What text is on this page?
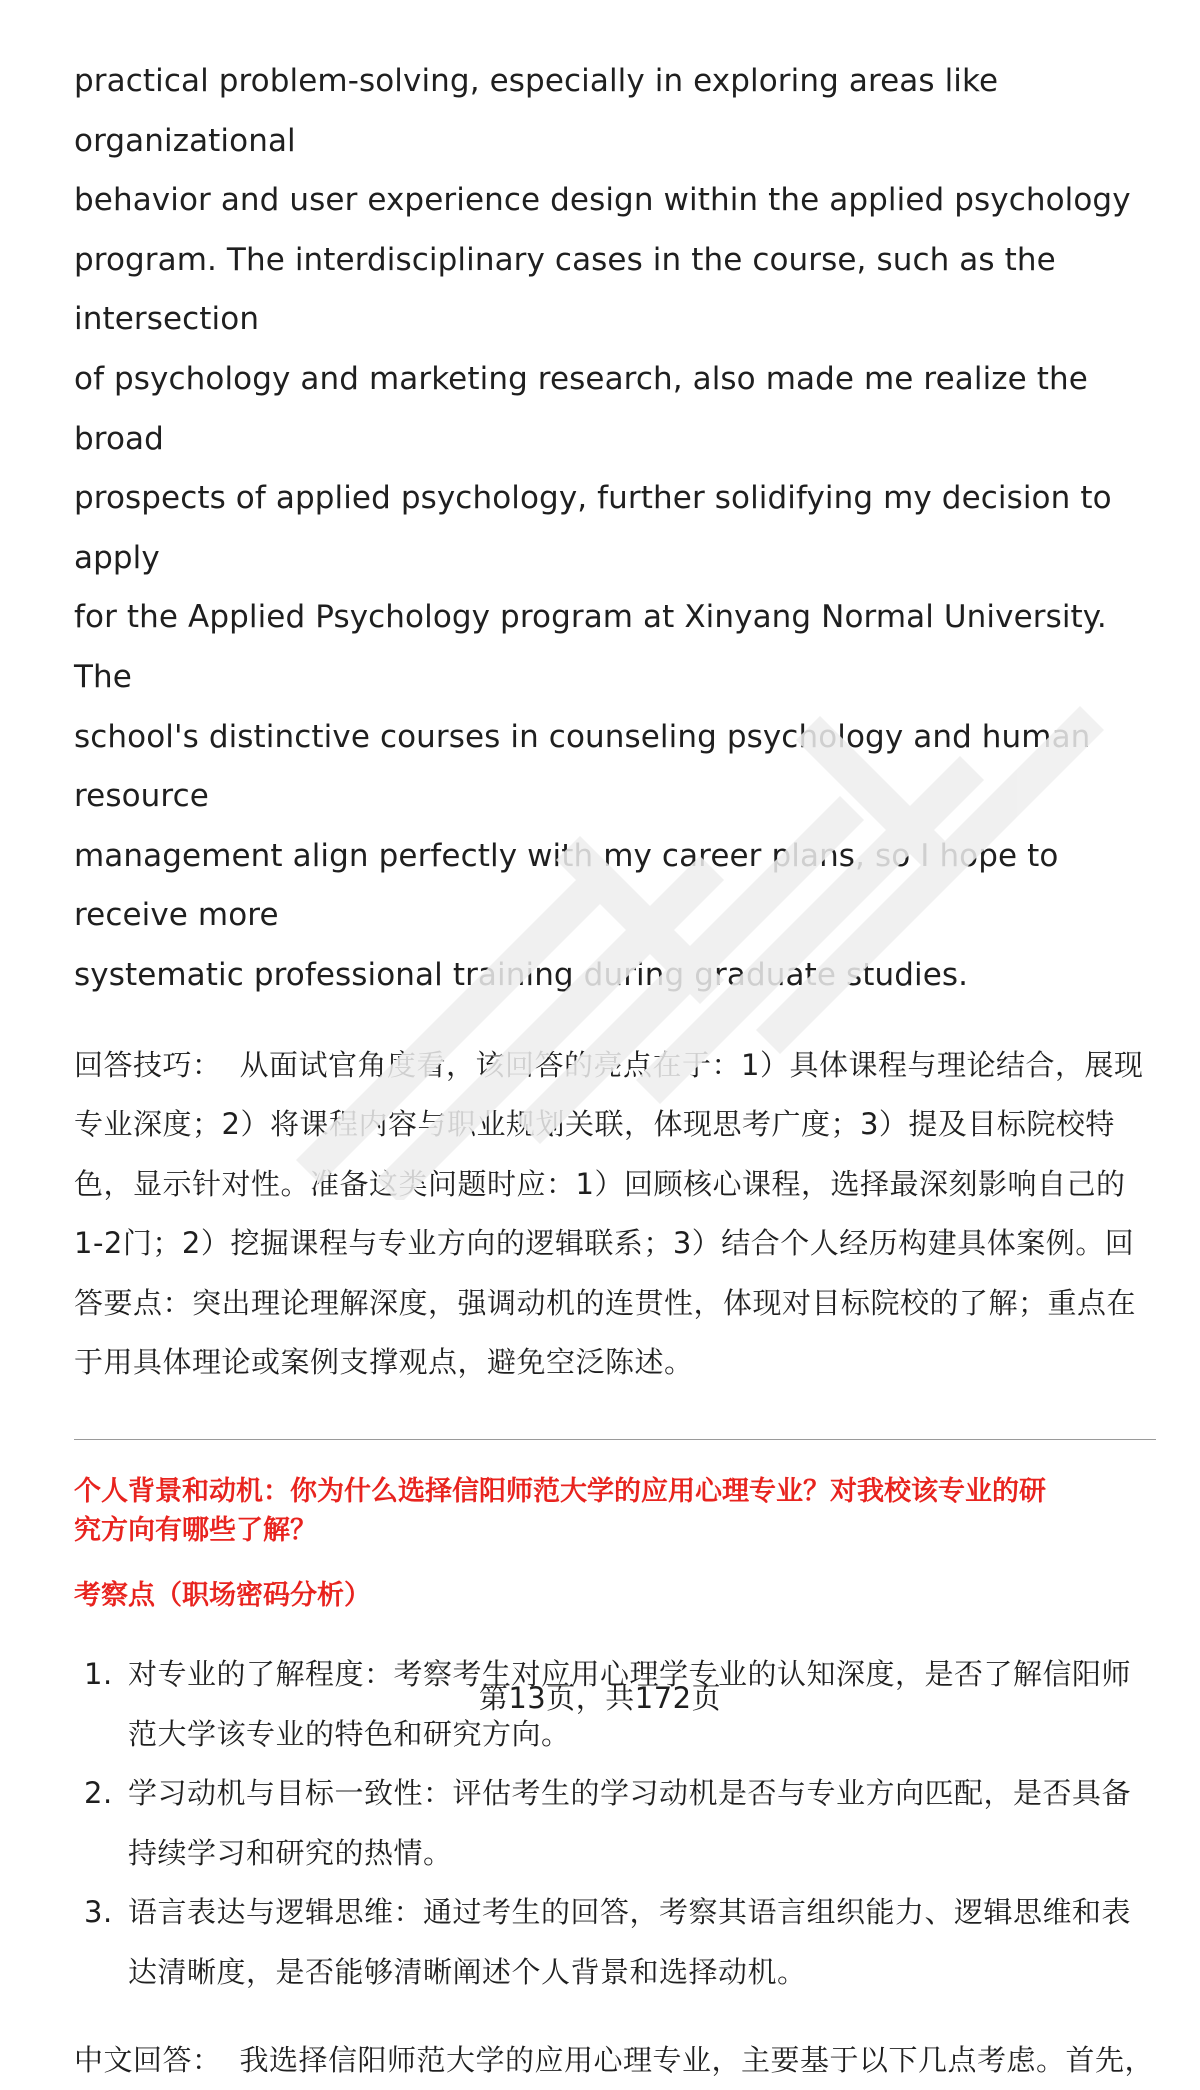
practical problem-solving, especially in exploring areas like organizational

behavior and user experience design within the applied psychology

program. The interdisciplinary cases in the course, such as the intersection

of psychology and marketing research, also made me realize the broad

prospects of applied psychology, further solidifying my decision to apply

for the Applied Psychology program at Xinyang Normal University. The

school's distinctive courses in counseling psychology and human resource

management align perfectly with my career plans, so I hope to receive more

systematic professional training during graduate studies.

回答技巧： 从面试官角度看，该回答的亮点在于：1）具体课程与理论结合，展现

专业深度；2）将课程内容与职业规划关联，体现思考广度；3）提及目标院校特

色，显示针对性。准备这类问题时应：1）回顾核心课程，选择最深刻影响自己的

1-2门；2）挖掘课程与专业方向的逻辑联系；3）结合个人经历构建具体案例。回

答要点：突出理论理解深度，强调动机的连贯性，体现对目标院校的了解；重点在

于用具体理论或案例支撑观点，避免空泛陈述。

个人背景和动机：你为什么选择信阳师范大学的应用心理专业？对我校该专业的研
究方向有哪些了解？
考察点（职场密码分析）
1. 对专业的了解程度：考察考生对应用心理学专业的认知深度，是否了解信阳师
范大学该专业的特色和研究方向。
2. 学习动机与目标一致性：评估考生的学习动机是否与专业方向匹配，是否具备
持续学习和研究的热情。
3. 语言表达与逻辑思维：通过考生的回答，考察其语言组织能力、逻辑思维和表
达清晰度，是否能够清晰阐述个人背景和选择动机。

中文回答： 我选择信阳师范大学的应用心理专业，主要基于以下几点考虑。首先，

第13页，共172页
